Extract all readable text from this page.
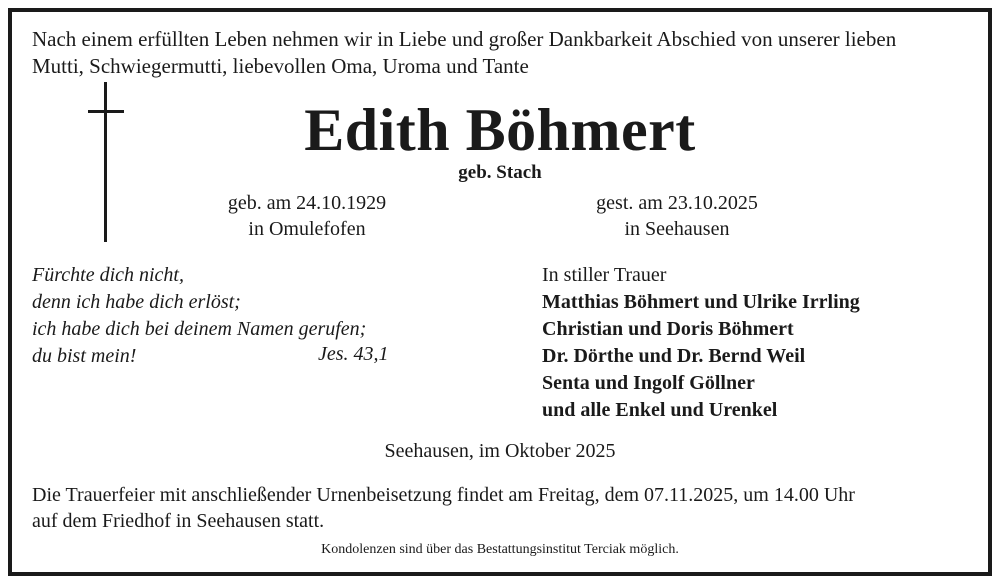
Nach einem erfüllten Leben nehmen wir in Liebe und großer Dankbarkeit Abschied von unserer lieben
Mutti, Schwiegermutti, liebevollen Oma, Uroma und Tante
Edith Böhmert
geb. Stach
geb. am 24.10.1929
in Omulefofen
gest. am 23.10.2025
in Seehausen
Fürchte dich nicht,
denn ich habe dich erlöst;
ich habe dich bei deinem Namen gerufen;
du bist mein!	Jes. 43,1
In stiller Trauer
Matthias Böhmert und Ulrike Irrling
Christian und Doris Böhmert
Dr. Dörthe und Dr. Bernd Weil
Senta und Ingolf Göllner
und alle Enkel und Urenkel
Seehausen, im Oktober 2025
Die Trauerfeier mit anschließender Urnenbeisetzung findet am Freitag, dem 07.11.2025, um 14.00 Uhr
auf dem Friedhof in Seehausen statt.
Kondolenzen sind über das Bestattungsinstitut Terciak möglich.
